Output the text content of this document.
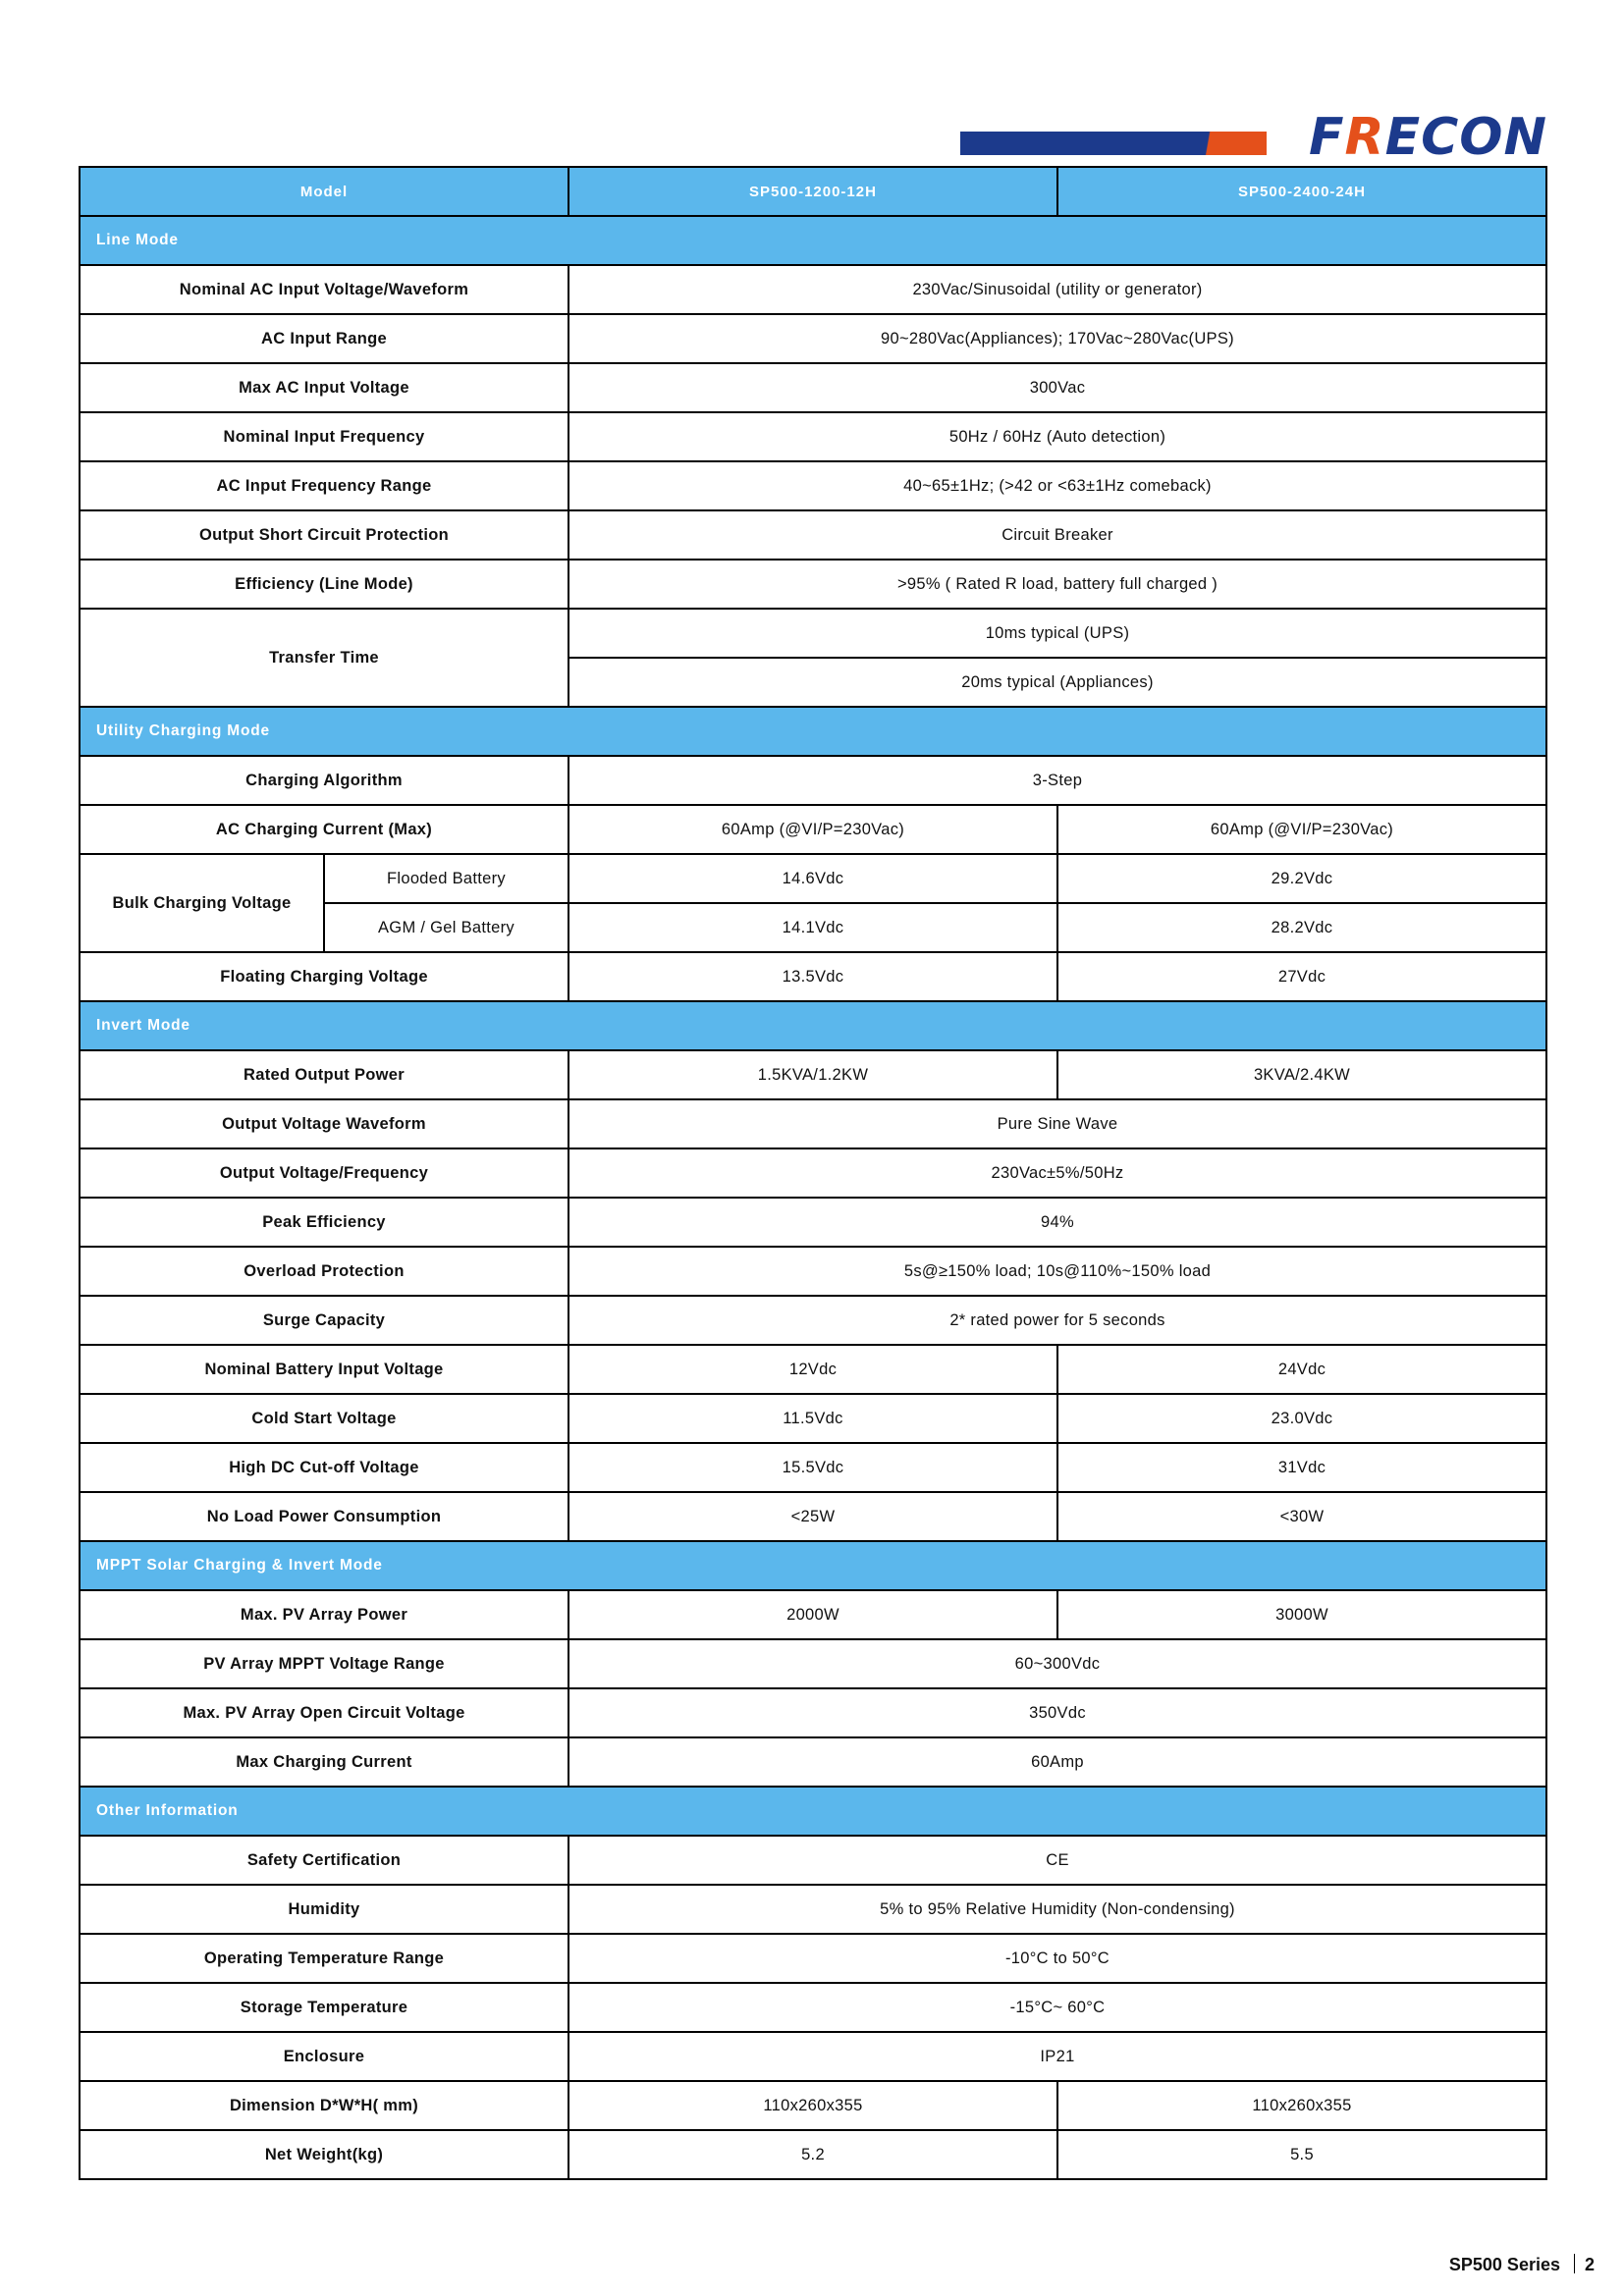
FRECON
Model		SP500-1200-12H	SP500-2400-24H
Line Mode			
Nominal AC Input Voltage/Waveform		230Vac/Sinusoidal (utility or generator)	
AC Input Range		90~280Vac(Appliances); 170Vac~280Vac(UPS)	
Max AC Input Voltage		300Vac	
Nominal Input Frequency		50Hz / 60Hz (Auto detection)	
AC Input Frequency Range		40~65±1Hz; (>42 or <63±1Hz comeback)	
Output Short Circuit Protection		Circuit Breaker	
Efficiency (Line Mode)		>95% ( Rated R load, battery full charged )	
Transfer Time		10ms typical (UPS)	
		20ms typical (Appliances)	
Utility Charging Mode			
Charging Algorithm		3-Step	
AC Charging Current (Max)		60Amp (@VI/P=230Vac)	60Amp (@VI/P=230Vac)
Bulk Charging Voltage	Flooded Battery	14.6Vdc	29.2Vdc
	AGM / Gel Battery	14.1Vdc	28.2Vdc
Floating Charging Voltage		13.5Vdc	27Vdc
Invert Mode			
Rated Output Power		1.5KVA/1.2KW	3KVA/2.4KW
Output Voltage Waveform		Pure Sine Wave	
Output Voltage/Frequency		230Vac±5%/50Hz	
Peak Efficiency		94%	
Overload Protection		5s@≥150% load; 10s@110%~150% load	
Surge Capacity		2* rated power for 5 seconds	
Nominal Battery Input Voltage		12Vdc	24Vdc
Cold Start Voltage		11.5Vdc	23.0Vdc
High DC Cut-off Voltage		15.5Vdc	31Vdc
No Load Power Consumption		<25W	<30W
MPPT Solar Charging & Invert Mode			
Max. PV Array Power		2000W	3000W
PV Array MPPT Voltage Range		60~300Vdc	
Max. PV Array Open Circuit Voltage		350Vdc	
Max Charging Current		60Amp	
Other Information			
Safety Certification		CE	
Humidity		5% to 95% Relative Humidity (Non-condensing)	
Operating Temperature Range		-10°C to 50°C	
Storage Temperature		-15°C~ 60°C	
Enclosure		IP21	
Dimension D*W*H( mm)		110x260x355	110x260x355
Net Weight(kg)		5.2	5.5
SP500 Series 2
